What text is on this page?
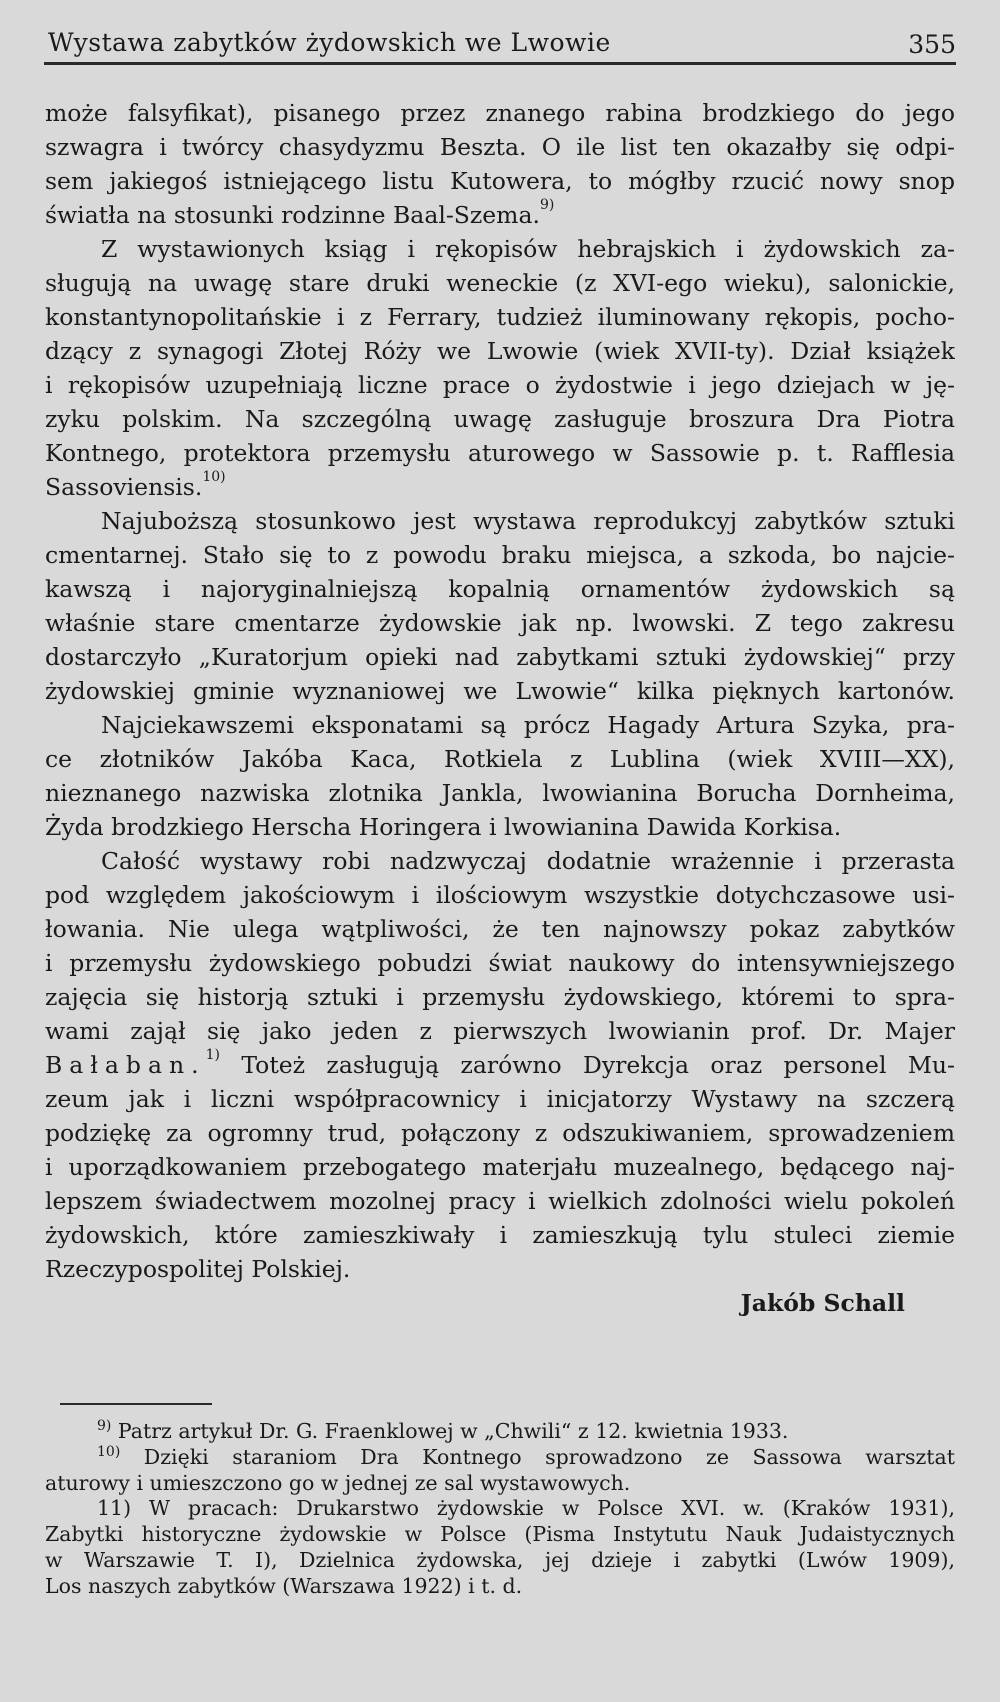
Wystawa zabytków żydowskich we Lwowie	355
może falsyfikat), pisanego przez znanego rabina brodzkiego do jego
szwagra i twórcy chasydyzmu Beszta. O ile list ten okazałby się odpi-
sem jakiegoś istniejącego listu Kutowera, to mógłby rzucić nowy snop
światła na stosunki rodzinne Baal-Szema.$^{9)}$
Z wystawionych ksiąg i rękopisów hebrajskich i żydowskich za-
sługują na uwagę stare druki weneckie (z XVI-ego wieku), salonickie,
konstantynopolitańskie i z Ferrary, tudzież iluminowany rękopis, pocho-
dzący z synagogi Złotej Róży we Lwowie (wiek XVII-ty). Dział książek
i rękopisów uzupełniają liczne prace o żydostwie i jego dziejach w ję-
zyku polskim. Na szczególną uwagę zasługuje broszura Dra Piotra
Kontnego, protektora przemysłu aturowego w Sassowie p. t. Rafflesia
Sassoviensis.$^{10)}$
Najuboższą stosunkowo jest wystawa reprodukcyj zabytków sztuki
cmentarnej. Stało się to z powodu braku miejsca, a szkoda, bo najcie-
kawszą i najoryginalniejszą kopalnią ornamentów żydowskich są
właśnie stare cmentarze żydowskie jak np. lwowski. Z tego zakresu
dostarczyło „Kuratorjum opieki nad zabytkami sztuki żydowskiej“ przy
żydowskiej gminie wyznaniowej we Lwowie“ kilka pięknych kartonów.
Najciekawszemi eksponatami są prócz Hagady Artura Szyka, pra-
ce złotników Jakóba Kaca, Rotkiela z Lublina (wiek XVIII—XX),
nieznanego nazwiska zlotnika Jankla, lwowianina Borucha Dornheima,
Żyda brodzkiego Herscha Horingera i lwowianina Dawida Korkisa.
Całość wystawy robi nadzwyczaj dodatnie wrażennie i przerasta
pod względem jakościowym i ilościowym wszystkie dotychczasowe usi-
łowania. Nie ulega wątpliwości, że ten najnowszy pokaz zabytków
i przemysłu żydowskiego pobudzi świat naukowy do intensywniejszego
zajęcia się historją sztuki i przemysłu żydowskiego, któremi to spra-
wami zajął się jako jeden z pierwszych lwowianin prof. Dr. Majer
Bałaban.$^{1)}$ Toteż zasługują zarówno Dyrekcja oraz personel Mu-
zeum jak i liczni współpracownicy i inicjatorzy Wystawy na szczerą
podziękę za ogromny trud, połączony z odszukiwaniem, sprowadzeniem
i uporządkowaniem przebogatego materjału muzealnego, będącego naj-
lepszem świadectwem mozolnej pracy i wielkich zdolności wielu pokoleń
żydowskich, które zamieszkiwały i zamieszkują tylu stuleci ziemie
Rzeczypospolitej Polskiej.
Jakób Schall
$^{9)}$ Patrz artykuł Dr. G. Fraenklowej w „Chwili“ z 12. kwietnia 1933.
$^{10)}$ Dzięki staraniom Dra Kontnego sprowadzono ze Sassowa warsztat
aturowy i umieszczono go w jednej ze sal wystawowych.
11) W pracach: Drukarstwo żydowskie w Polsce XVI. w. (Kraków 1931),
Zabytki historyczne żydowskie w Polsce (Pisma Instytutu Nauk Judaistycznych
w Warszawie T. I), Dzielnica żydowska, jej dzieje i zabytki (Lwów 1909),
Los naszych zabytków (Warszawa 1922) i t. d.
